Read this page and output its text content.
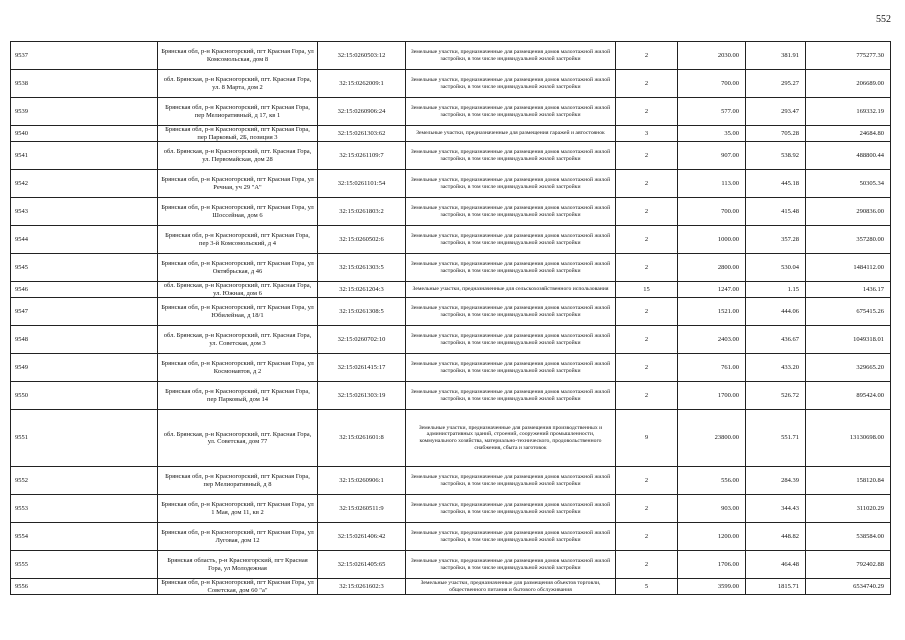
552
9537	Брянская обл, р-н Красногорский, пгт Красная Гора, ул Комсомольская, дом 8	32:15:0260503:12	Земельные участки, предназначенные для размещения домов малоэтажной жилой застройки, в том числе индивидуальной жилой застройки	2	2030.00	381.91	775277.30
9538	обл. Брянская, р-н Красногорский, пгт. Красная Гора, ул. 8 Марта, дом 2	32:15:0262009:1	Земельные участки, предназначенные для размещения домов малоэтажной жилой застройки, в том числе индивидуальной жилой застройки	2	700.00	295.27	206689.00
9539	Брянская обл, р-н Красногорский, пгт Красная Гора, пер Мелиоративный, д 17, кв 1	32:15:0260906:24	Земельные участки, предназначенные для размещения домов малоэтажной жилой застройки, в том числе индивидуальной жилой застройки	2	577.00	293.47	169332.19
9540	Брянская обл, р-н Красногорский, пгт Красная Гора, пер Парковый, 2Б, позиция 3	32:15:0261303:62	Земельные участки, предназначенные для размещения гаражей и автостоянок	3	35.00	705.28	24684.80
9541	обл. Брянская, р-н Красногорский, пгт. Красная Гора, ул. Первомайская, дом 28	32:15:0261109:7	Земельные участки, предназначенные для размещения домов малоэтажной жилой застройки, в том числе индивидуальной жилой застройки	2	907.00	538.92	488800.44
9542	Брянская обл, р-н Красногорский, пгт Красная Гора, ул Речная, уч 29 "А"	32:15:0261101:54	Земельные участки, предназначенные для размещения домов малоэтажной жилой застройки, в том числе индивидуальной жилой застройки	2	113.00	445.18	50305.34
9543	Брянская обл, р-н Красногорский, пгт Красная Гора, ул Шоссейная, дом 6	32:15:0261803:2	Земельные участки, предназначенные для размещения домов малоэтажной жилой застройки, в том числе индивидуальной жилой застройки	2	700.00	415.48	290836.00
9544	Брянская обл, р-н Красногорский, пгт Красная Гора, пер 3-й Комсомольский, д 4	32:15:0260502:6	Земельные участки, предназначенные для размещения домов малоэтажной жилой застройки, в том числе индивидуальной жилой застройки	2	1000.00	357.28	357280.00
9545	Брянская обл, р-н Красногорский, пгт Красная Гора, ул Октябрьская, д 46	32:15:0261303:5	Земельные участки, предназначенные для размещения домов малоэтажной жилой застройки, в том числе индивидуальной жилой застройки	2	2800.00	530.04	1484112.00
9546	обл. Брянская, р-н Красногорский, пгт. Красная Гора, ул. Южная, дом 6	32:15:0261204:3	Земельные участки, предназначенные для сельскохозяйственного использования	15	1247.00	1.15	1436.17
9547	Брянская обл, р-н Красногорский, пгт Красная Гора, ул Юбилейная, д 18/1	32:15:0261308:5	Земельные участки, предназначенные для размещения домов малоэтажной жилой застройки, в том числе индивидуальной жилой застройки	2	1521.00	444.06	675415.26
9548	обл. Брянская, р-н Красногорский, пгт. Красная Гора, ул. Советская, дом 3	32:15:0260702:10	Земельные участки, предназначенные для размещения домов малоэтажной жилой застройки, в том числе индивидуальной жилой застройки	2	2403.00	436.67	1049318.01
9549	Брянская обл, р-н Красногорский, пгт Красная Гора, ул Космонавтов, д 2	32:15:0261415:17	Земельные участки, предназначенные для размещения домов малоэтажной жилой застройки, в том числе индивидуальной жилой застройки	2	761.00	433.20	329665.20
9550	Брянская обл, р-н Красногорский, пгт Красная Гора, пер Парковый, дом 14	32:15:0261303:19	Земельные участки, предназначенные для размещения домов малоэтажной жилой застройки, в том числе индивидуальной жилой застройки	2	1700.00	526.72	895424.00
9551	обл. Брянская, р-н Красногорский, пгт. Красная Гора, ул. Советская, дом 77	32:15:0261601:8	Земельные участки, предназначенные для размещения производственных и административных зданий, строений, сооружений промышленности, коммунального хозяйства, материально-технического, продовольственного снабжения, сбыта и заготовок	9	23800.00	551.71	13130698.00
9552	Брянская обл, р-н Красногорский, пгт Красная Гора, пер Мелиоративный, д 8	32:15:0260906:1	Земельные участки, предназначенные для размещения домов малоэтажной жилой застройки, в том числе индивидуальной жилой застройки	2	556.00	284.39	158120.84
9553	Брянская обл, р-н Красногорский, пгт Красная Гора, ул 1 Мая, дом 11, кв 2	32:15:0260511:9	Земельные участки, предназначенные для размещения домов малоэтажной жилой застройки, в том числе индивидуальной жилой застройки	2	903.00	344.43	311020.29
9554	Брянская обл, р-н Красногорский, пгт Красная Гора, ул Луговая, дом 12	32:15:0261406:42	Земельные участки, предназначенные для размещения домов малоэтажной жилой застройки, в том числе индивидуальной жилой застройки	2	1200.00	448.82	538584.00
9555	Брянская область, р-н Красногорский, пгт Красная Гора, ул Молодежная	32:15:0261405:65	Земельные участки, предназначенные для размещения домов малоэтажной жилой застройки, в том числе индивидуальной жилой застройки	2	1706.00	464.48	792402.88
9556	Брянская обл, р-н Красногорский, пгт Красная Гора, ул Советская, дом 60 "а"	32:15:0261602:3	Земельные участки, предназначенные для размещения объектов торговли, общественного питания и бытового обслуживания	5	3599.00	1815.71	6534740.29
